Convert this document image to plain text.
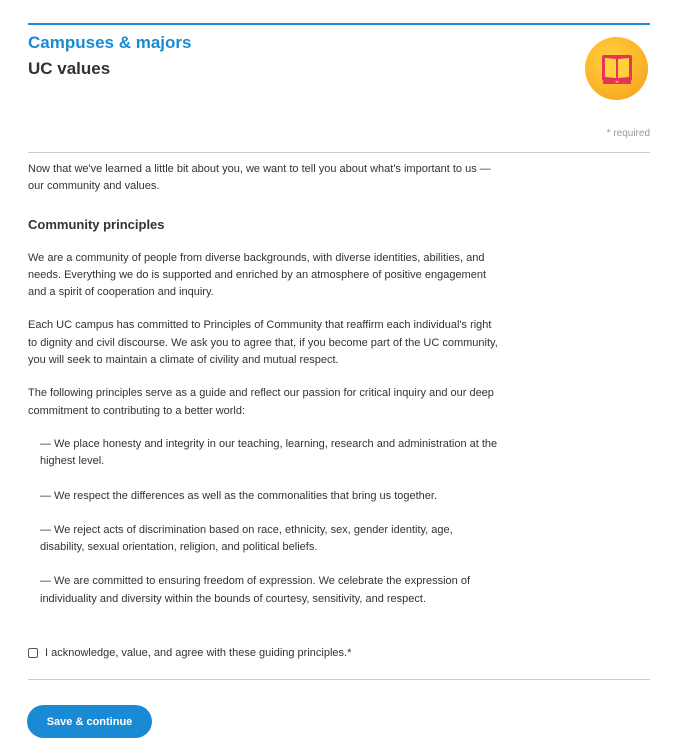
Campuses & majors
UC values
* required

Now that we've learned a little bit about you, we want to tell you about what's important to us — our community and values.

Community principles

We are a community of people from diverse backgrounds, with diverse identities, abilities, and needs. Everything we do is supported and enriched by an atmosphere of positive engagement and a spirit of cooperation and inquiry.

Each UC campus has committed to Principles of Community that reaffirm each individual's right to dignity and civil discourse. We ask you to agree that, if you become part of the UC community, you will seek to maintain a climate of civility and mutual respect.

The following principles serve as a guide and reflect our passion for critical inquiry and our deep commitment to contributing to a better world:

— We place honesty and integrity in our teaching, learning, research and administration at the highest level.

— We respect the differences as well as the commonalities that bring us together.

— We reject acts of discrimination based on race, ethnicity, sex, gender identity, age, disability, sexual orientation, religion, and political beliefs.

— We are committed to ensuring freedom of expression. We celebrate the expression of individuality and diversity within the bounds of courtesy, sensitivity, and respect.

I acknowledge, value, and agree with these guiding principles.*
Save & continue
